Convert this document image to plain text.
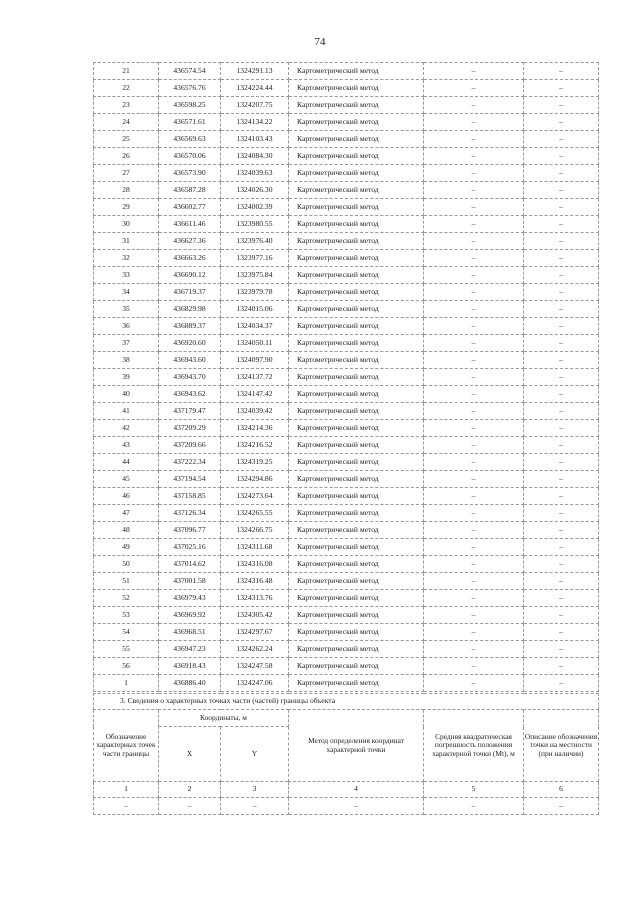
74
21	436574.54	1324291.13	Картометрический метод	–	–
22	436576.76	1324224.44	Картометрический метод	–	–
23	436598.25	1324207.75	Картометрический метод	–	–
24	436571.61	1324134.22	Картометрический метод	–	–
25	436569.63	1324103.43	Картометрический метод	–	–
26	436570.06	1324084.30	Картометрический метод	–	–
27	436573.90	1324039.63	Картометрический метод	–	–
28	436587.28	1324026.30	Картометрический метод	–	–
29	436602.77	1324002.39	Картометрический метод	–	–
30	436611.46	1323980.55	Картометрический метод	–	–
31	436627.36	1323976.40	Картометрический метод	–	–
32	436663.26	1323977.16	Картометрический метод	–	–
33	436690.12	1323975.84	Картометрический метод	–	–
34	436719.37	1323979.78	Картометрический метод	–	–
35	436829.98	1324015.06	Картометрический метод	–	–
36	436889.37	1324034.37	Картометрический метод	–	–
37	436920.60	1324050.11	Картометрический метод	–	–
38	436943.60	1324097.90	Картометрический метод	–	–
39	436943.70	1324137.72	Картометрический метод	–	–
40	436943.62	1324147.42	Картометрический метод	–	–
41	437179.47	1324039.42	Картометрический метод	–	–
42	437209.29	1324214.36	Картометрический метод	–	–
43	437209.66	1324216.52	Картометрический метод	–	–
44	437222.34	1324319.25	Картометрический метод	–	–
45	437194.54	1324294.86	Картометрический метод	–	–
46	437158.85	1324273.64	Картометрический метод	–	–
47	437126.34	1324265.55	Картометрический метод	–	–
48	437096.77	1324266.75	Картометрический метод	–	–
49	437025.16	1324311.68	Картометрический метод	–	–
50	437014.62	1324316.08	Картометрический метод	–	–
51	437001.58	1324316.48	Картометрический метод	–	–
52	436979.43	1324313.76	Картометрический метод	–	–
53	436969.92	1324305.42	Картометрический метод	–	–
54	436968.51	1324297.67	Картометрический метод	–	–
55	436947.23	1324262.24	Картометрический метод	–	–
56	436918.43	1324247.58	Картометрический метод	–	–
1	436886.40	1324247.06	Картометрический метод	–	–
3. Сведения о характерных точках части (частей) границы объекта					
Обозначение характерных точек части границы	Координаты, м		Метод определения координат характерной точки	Средняя квадратическая погрешность положения характерной точки (Mt), м	Описание обозначения точки на местности (при наличии)
	X	Y			
1	2	3	4	5	6
–	–	–	–	–	–
